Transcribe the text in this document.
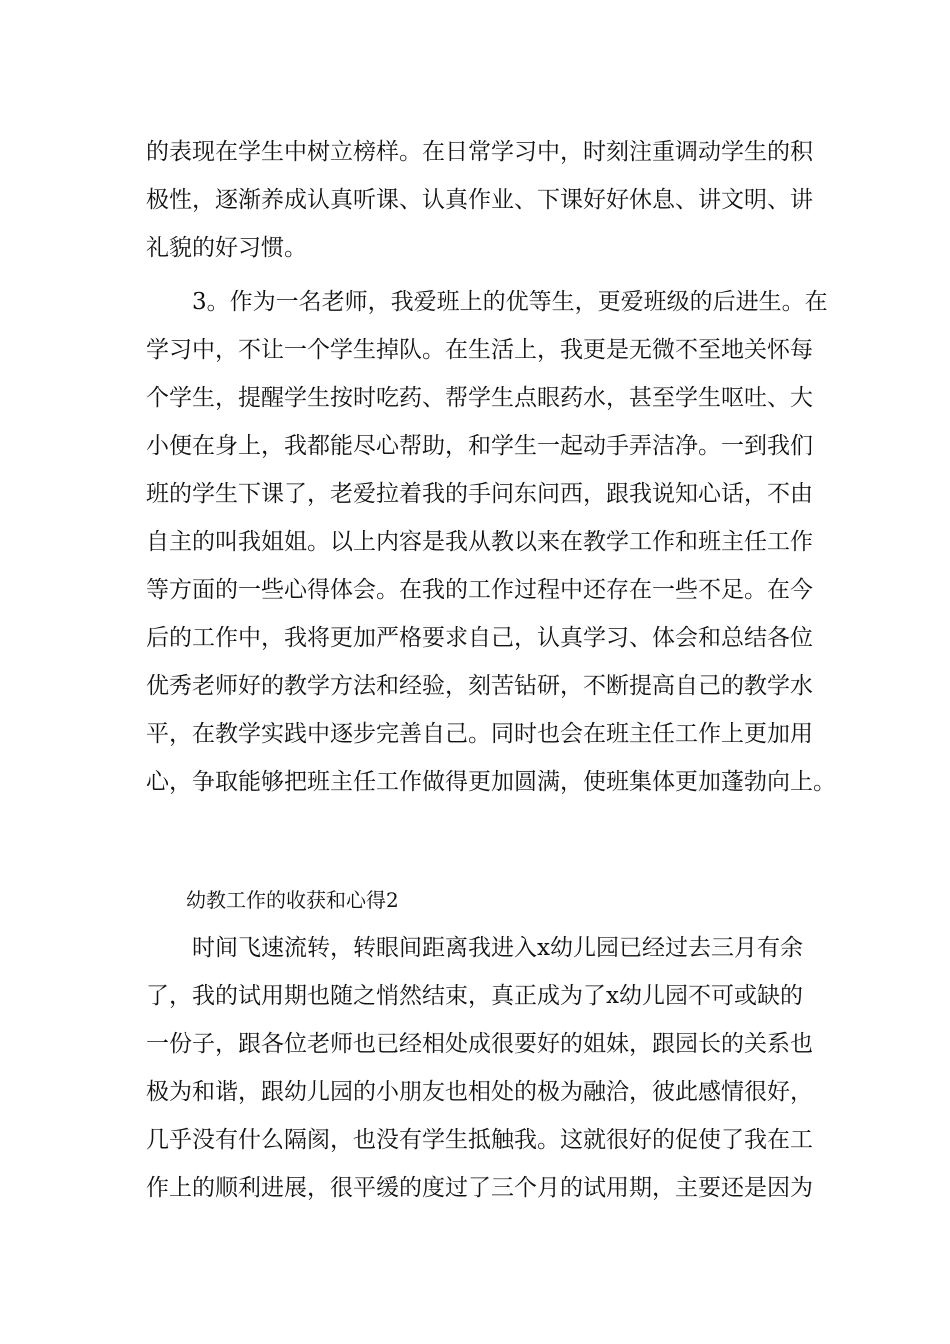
的表现在学生中树立榜样。在日常学习中，时刻注重调动学生的积
极性，逐渐养成认真听课、认真作业、下课好好休息、讲文明、讲
礼貌的好习惯。
　　3。作为一名老师，我爱班上的优等生，更爱班级的后进生。在
学习中，不让一个学生掉队。在生活上，我更是无微不至地关怀每
个学生，提醒学生按时吃药、帮学生点眼药水，甚至学生呕吐、大
小便在身上，我都能尽心帮助，和学生一起动手弄洁净。一到我们
班的学生下课了，老爱拉着我的手问东问西，跟我说知心话，不由
自主的叫我姐姐。以上内容是我从教以来在教学工作和班主任工作
等方面的一些心得体会。在我的工作过程中还存在一些不足。在今
后的工作中，我将更加严格要求自己，认真学习、体会和总结各位
优秀老师好的教学方法和经验，刻苦钻研，不断提高自己的教学水
平，在教学实践中逐步完善自己。同时也会在班主任工作上更加用
心，争取能够把班主任工作做得更加圆满，使班集体更加蓬勃向上。
　　幼教工作的收获和心得2
　　时间飞速流转，转眼间距离我进入x幼儿园已经过去三月有余
了，我的试用期也随之悄然结束，真正成为了x幼儿园不可或缺的
一份子，跟各位老师也已经相处成很要好的姐妹，跟园长的关系也
极为和谐，跟幼儿园的小朋友也相处的极为融洽，彼此感情很好，
几乎没有什么隔阂，也没有学生抵触我。这就很好的促使了我在工
作上的顺利进展，很平缓的度过了三个月的试用期，主要还是因为
